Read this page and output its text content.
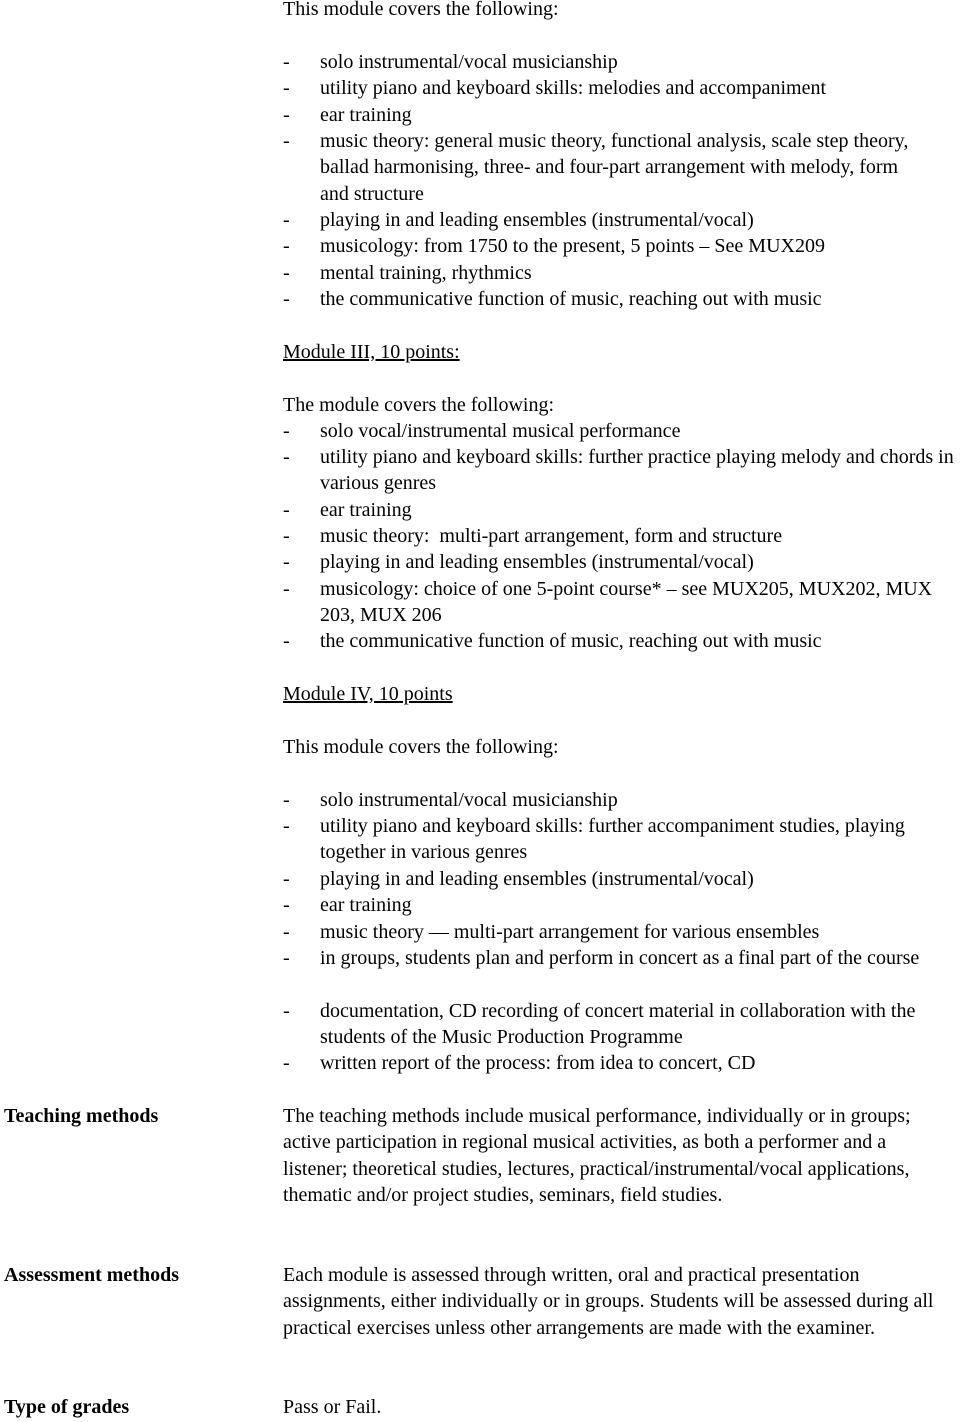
This module covers the following:
- solo instrumental/vocal musicianship
- utility piano and keyboard skills: melodies and accompaniment
- ear training
- music theory: general music theory, functional analysis, scale step theory, ballad harmonising, three- and four-part arrangement with melody, form and structure
- playing in and leading ensembles (instrumental/vocal)
- musicology: from 1750 to the present, 5 points – See MUX209
- mental training, rhythmics
- the communicative function of music, reaching out with music
Module III, 10 points:
The module covers the following:
- solo vocal/instrumental musical performance
- utility piano and keyboard skills: further practice playing melody and chords in various genres
- ear training
- music theory:  multi-part arrangement, form and structure
- playing in and leading ensembles (instrumental/vocal)
- musicology: choice of one 5-point course* – see MUX205, MUX202, MUX 203, MUX 206
- the communicative function of music, reaching out with music
Module IV, 10 points
This module covers the following:
- solo instrumental/vocal musicianship
- utility piano and keyboard skills: further accompaniment studies, playing together in various genres
- playing in and leading ensembles (instrumental/vocal)
- ear training
- music theory –– multi-part arrangement for various ensembles
- in groups, students plan and perform in concert as a final part of the course
- documentation, CD recording of concert material in collaboration with the students of the Music Production Programme
- written report of the process: from idea to concert, CD
Teaching methods	The teaching methods include musical performance, individually or in groups; active participation in regional musical activities, as both a performer and a listener; theoretical studies, lectures, practical/instrumental/vocal applications, thematic and/or project studies, seminars, field studies.
Assessment methods	Each module is assessed through written, oral and practical presentation assignments, either individually or in groups. Students will be assessed during all practical exercises unless other arrangements are made with the examiner.
Type of grades	Pass or Fail.
